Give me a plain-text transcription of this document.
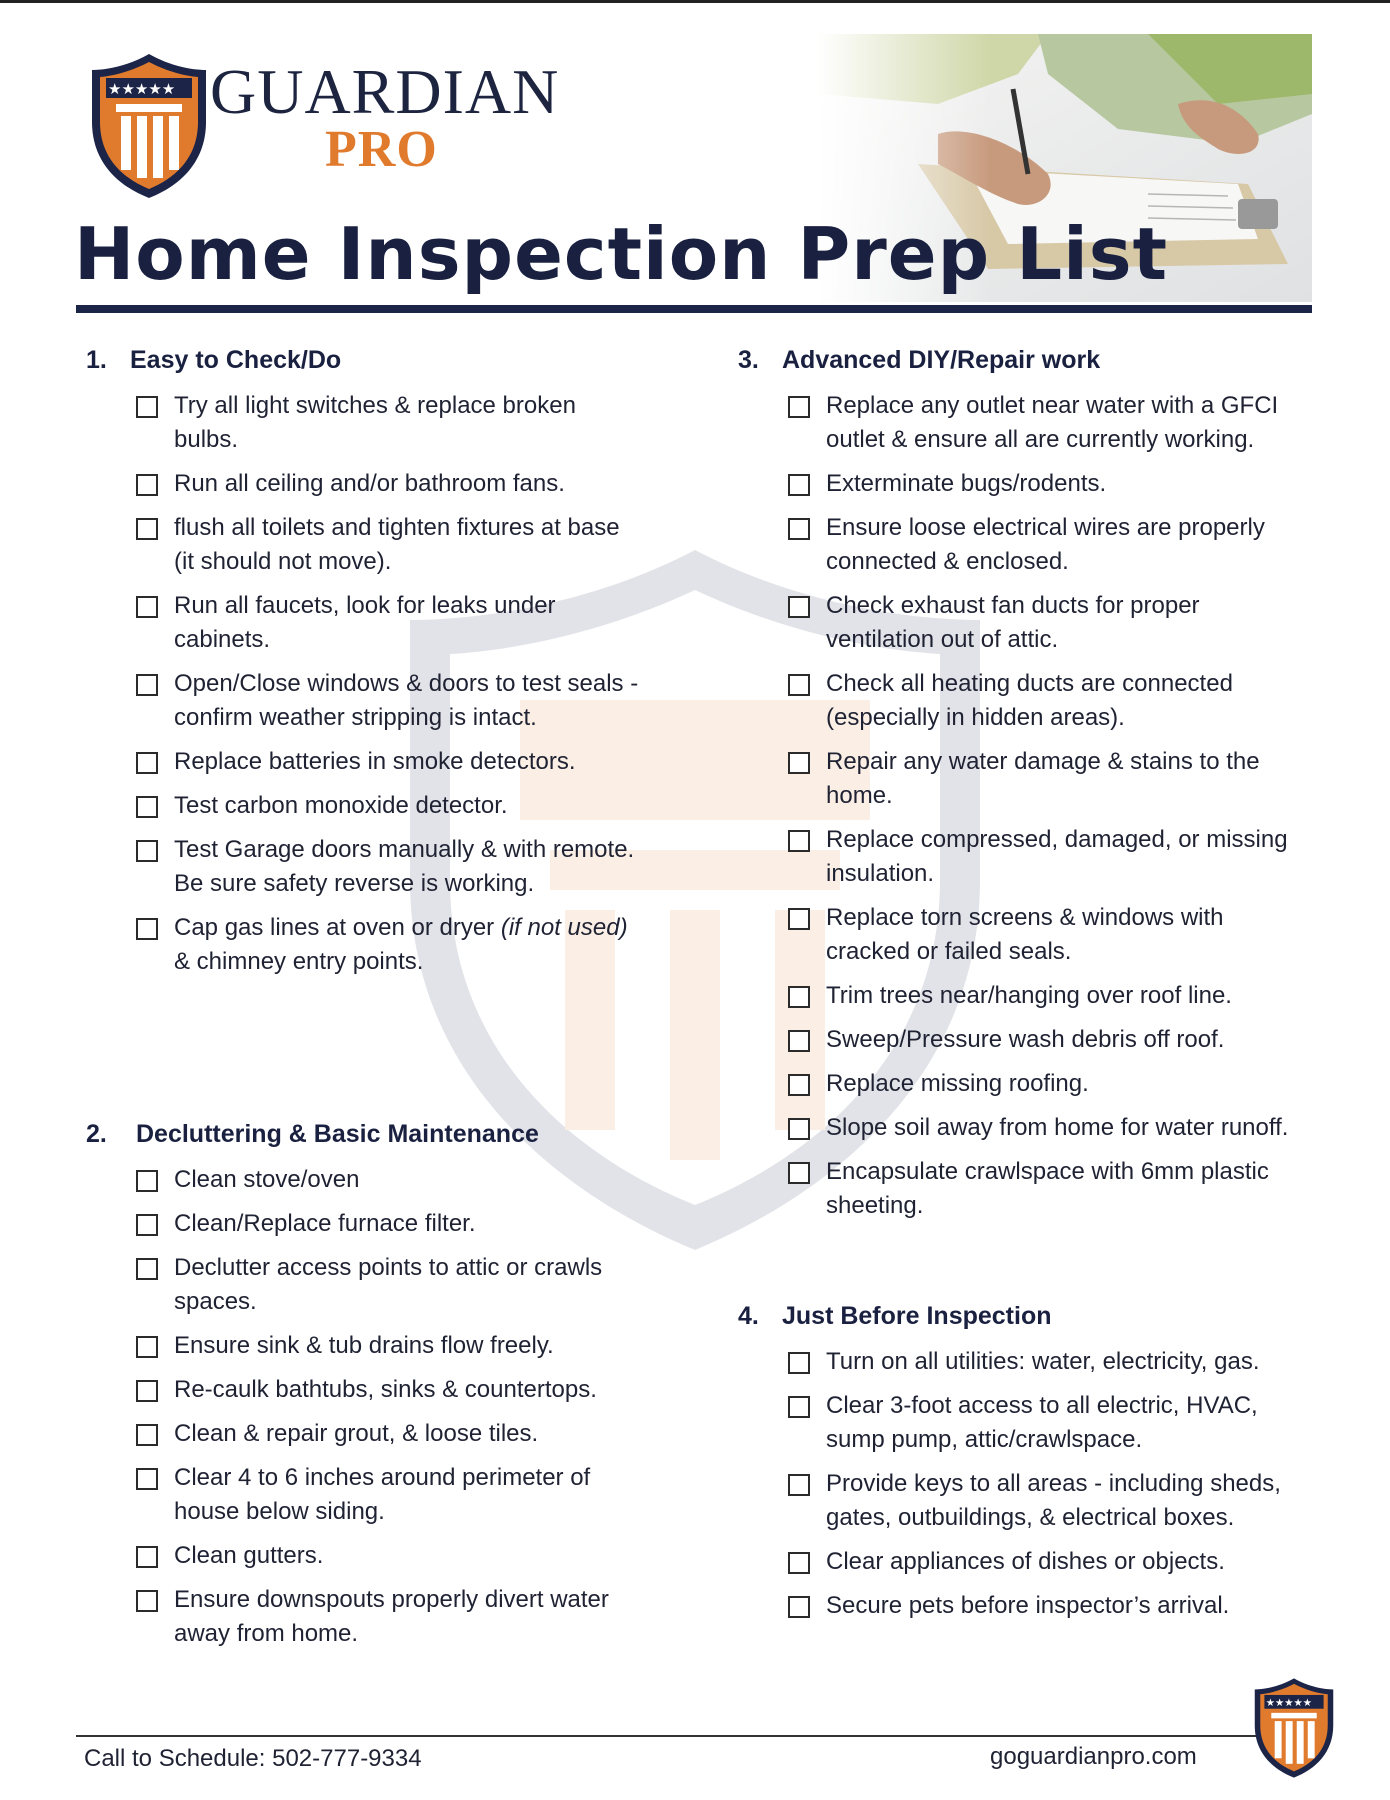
★★★★★ GUARDIAN
PRO
Home Inspection Prep List
1. Easy to Check/Do
Try all light switches & replace broken bulbs.
Run all ceiling and/or bathroom fans.
flush all toilets and tighten fixtures at base (it should not move).
Run all faucets, look for leaks under cabinets.
Open/Close windows & doors to test seals - confirm weather stripping is intact.
Replace batteries in smoke detectors.
Test carbon monoxide detector.
Test Garage doors manually & with remote. Be sure safety reverse is working.
Cap gas lines at oven or dryer (if not used) & chimney entry points.
2.	Decluttering & Basic Maintenance
Clean stove/oven
Clean/Replace furnace filter.
Declutter access points to attic or crawls spaces.
Ensure sink & tub drains flow freely.
Re-caulk bathtubs, sinks & countertops.
Clean & repair grout, & loose tiles.
Clear 4 to 6 inches around perimeter of house below siding.
Clean gutters.
Ensure downspouts properly divert water away from home.
3. Advanced DIY/Repair work
Replace any outlet near water with a GFCI outlet & ensure all are currently working.
Exterminate bugs/rodents.
Ensure loose electrical wires are properly connected & enclosed.
Check exhaust fan ducts for proper ventilation out of attic.
Check all heating ducts are connected (especially in hidden areas).
Repair any water damage & stains to the home.
Replace compressed, damaged, or missing insulation.
Replace torn screens & windows with cracked or failed seals.
Trim trees near/hanging over roof line.
Sweep/Pressure wash debris off roof.
Replace missing roofing.
Slope soil away from home for water runoff.
Encapsulate crawlspace with 6mm plastic sheeting.
4. Just Before Inspection
Turn on all utilities: water, electricity, gas.
Clear 3-foot access to all electric, HVAC, sump pump, attic/crawlspace.
Provide keys to all areas - including sheds, gates, outbuildings, & electrical boxes.
Clear appliances of dishes or objects.
Secure pets before inspector’s arrival.
Call to Schedule: 502-777-9334	goguardianpro.com
★★★★★
